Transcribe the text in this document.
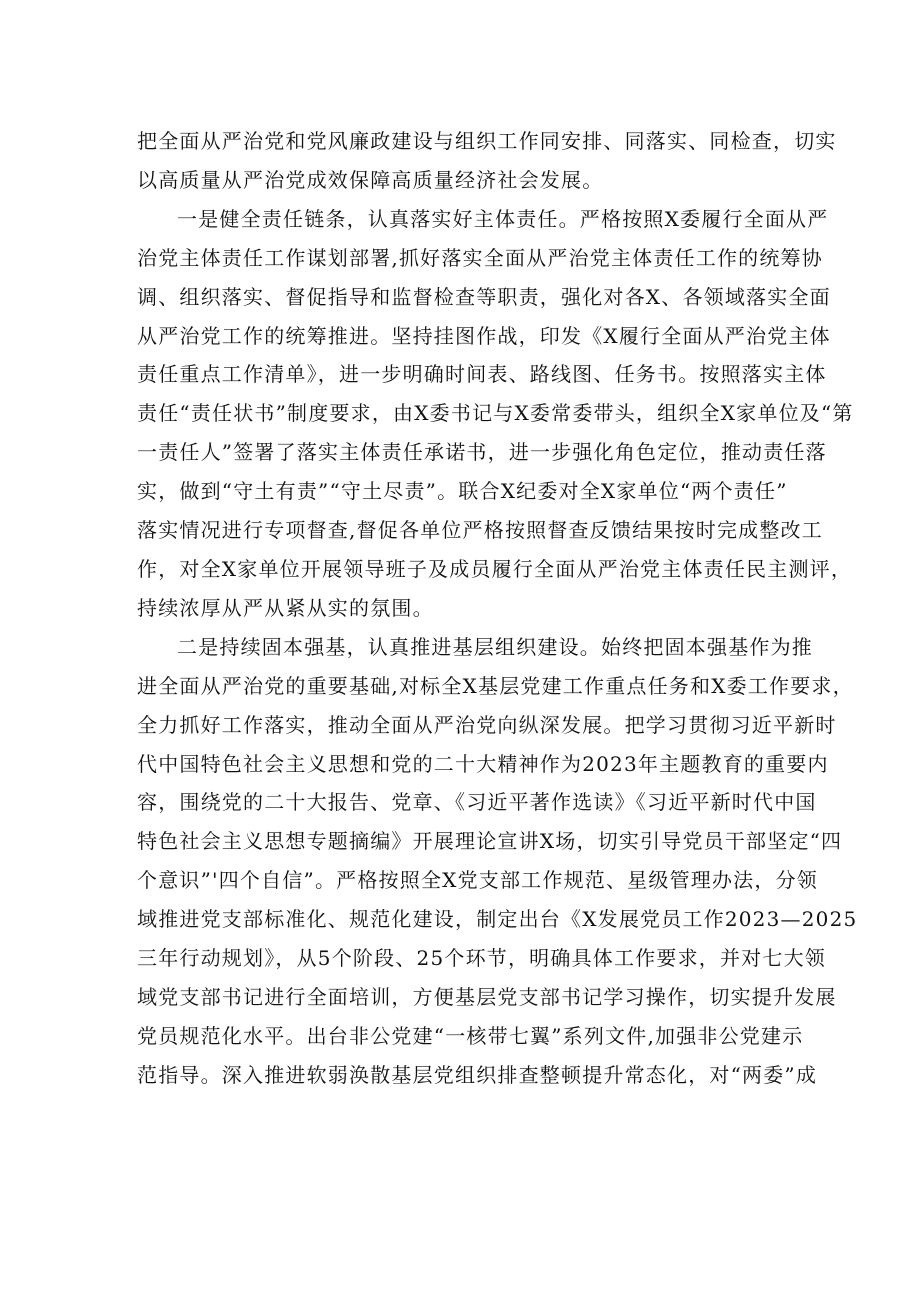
把全面从严治党和党风廉政建设与组织工作同安排、同落实、同检查，切实
以高质量从严治党成效保障高质量经济社会发展。

一是健全责任链条，认真落实好主体责任。严格按照X委履行全面从严
治党主体责任工作谋划部署,抓好落实全面从严治党主体责任工作的统筹协
调、组织落实、督促指导和监督检查等职责，强化对各X、各领域落实全面
从严治党工作的统筹推进。坚持挂图作战，印发《X履行全面从严治党主体
责任重点工作清单》，进一步明确时间表、路线图、任务书。按照落实主体
责任“责任状书”制度要求，由X委书记与X委常委带头，组织全X家单位及“第
一责任人”签署了落实主体责任承诺书，进一步强化角色定位，推动责任落
实，做到“守土有责”“守土尽责”。联合X纪委对全X家单位“两个责任”
落实情况进行专项督查,督促各单位严格按照督查反馈结果按时完成整改工
作，对全X家单位开展领导班子及成员履行全面从严治党主体责任民主测评，
持续浓厚从严从紧从实的氛围。

二是持续固本强基，认真推进基层组织建设。始终把固本强基作为推
进全面从严治党的重要基础,对标全X基层党建工作重点任务和X委工作要求，
全力抓好工作落实，推动全面从严治党向纵深发展。把学习贯彻习近平新时
代中国特色社会主义思想和党的二十大精神作为2023年主题教育的重要内
容，围绕党的二十大报告、党章、《习近平著作选读》《习近平新时代中国
特色社会主义思想专题摘编》开展理论宣讲X场，切实引导党员干部坚定“四
个意识”'四个自信”。严格按照全X党支部工作规范、星级管理办法，分领
域推进党支部标准化、规范化建设，制定出台《X发展党员工作2023—2025
三年行动规划》，从5个阶段、25个环节，明确具体工作要求，并对七大领
域党支部书记进行全面培训，方便基层党支部书记学习操作，切实提升发展
党员规范化水平。出台非公党建“一核带七翼”系列文件,加强非公党建示
范指导。深入推进软弱涣散基层党组织排查整顿提升常态化，对“两委”成
